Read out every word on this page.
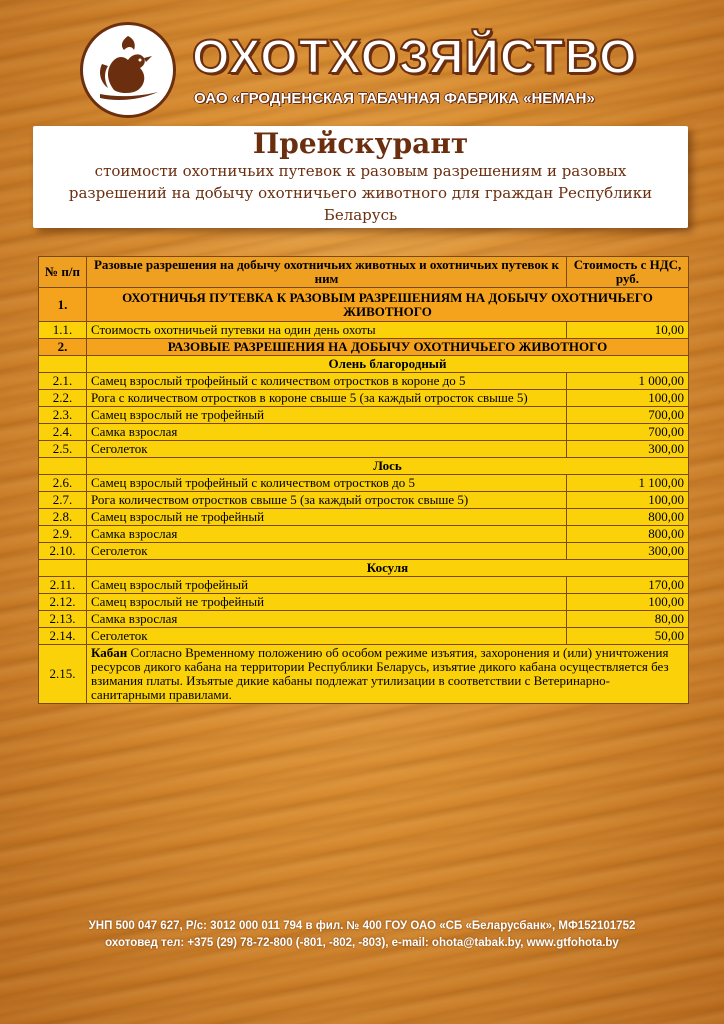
ОХОТХОЗЯЙСТВО
ОАО «ГРОДНЕНСКАЯ ТАБАЧНАЯ ФАБРИКА «НЕМАН»
Прейскурант
стоимости охотничьих путевок к разовым разрешениям и разовых разрешений на добычу охотничьего животного для граждан Республики Беларусь
№ п/п	Разовые разрешения на добычу охотничьих животных и охотничьих путевок к ним	Стоимость с НДС, руб.
1.	ОХОТНИЧЬЯ ПУТЕВКА К РАЗОВЫМ РАЗРЕШЕНИЯМ НА ДОБЫЧУ ОХОТНИЧЬЕГО ЖИВОТНОГО	
1.1.	Стоимость охотничьей путевки на один день охоты	10,00
2.	РАЗОВЫЕ РАЗРЕШЕНИЯ НА ДОБЫЧУ ОХОТНИЧЬЕГО ЖИВОТНОГО	
	Олень благородный	
2.1.	Самец взрослый трофейный с количеством отростков в короне до 5	1 000,00
2.2.	Рога с количеством отростков в короне свыше 5 (за каждый отросток свыше 5)	100,00
2.3.	Самец взрослый не трофейный	700,00
2.4.	Самка взрослая	700,00
2.5.	Сеголеток	300,00
	Лось	
2.6.	Самец взрослый трофейный с количеством отростков до 5	1 100,00
2.7.	Рога количеством отростков свыше 5 (за каждый отросток свыше 5)	100,00
2.8.	Самец взрослый не трофейный	800,00
2.9.	Самка взрослая	800,00
2.10.	Сеголеток	300,00
	Косуля	
2.11.	Самец взрослый трофейный	170,00
2.12.	Самец взрослый не трофейный	100,00
2.13.	Самка взрослая	80,00
2.14.	Сеголеток	50,00
2.15.	Кабан Согласно Временному положению об особом режиме изъятия, захоронения и (или) уничтожения ресурсов дикого кабана на территории Республики Беларусь, изъятие дикого кабана осуществляется без взимания платы. Изъятые дикие кабаны подлежат утилизации в соответствии с Ветеринарно-санитарными правилами.	
УНП 500 047 627, Р/с: 3012 000 011 794 в фил. № 400 ГОУ ОАО «СБ «Беларусбанк», МФ152101752
охотовед тел: +375 (29) 78-72-800 (-801, -802, -803), e-mail: ohota@tabak.by, www.gtfohota.by
